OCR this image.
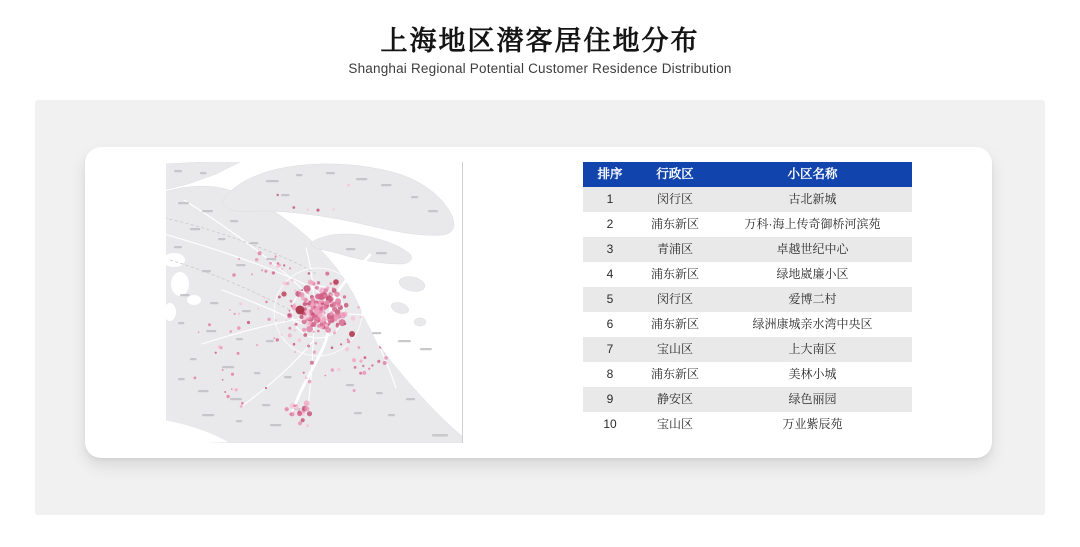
上海地区潜客居住地分布
Shanghai Regional Potential Customer Residence Distribution
排序	行政区	小区名称
1	闵行区	古北新城
2	浦东新区	万科·海上传奇御桥河滨苑
3	青浦区	卓越世纪中心
4	浦东新区	绿地崴廉小区
5	闵行区	爱博二村
6	浦东新区	绿洲康城亲水湾中央区
7	宝山区	上大南区
8	浦东新区	美林小城
9	静安区	绿色丽园
10	宝山区	万业紫辰苑
